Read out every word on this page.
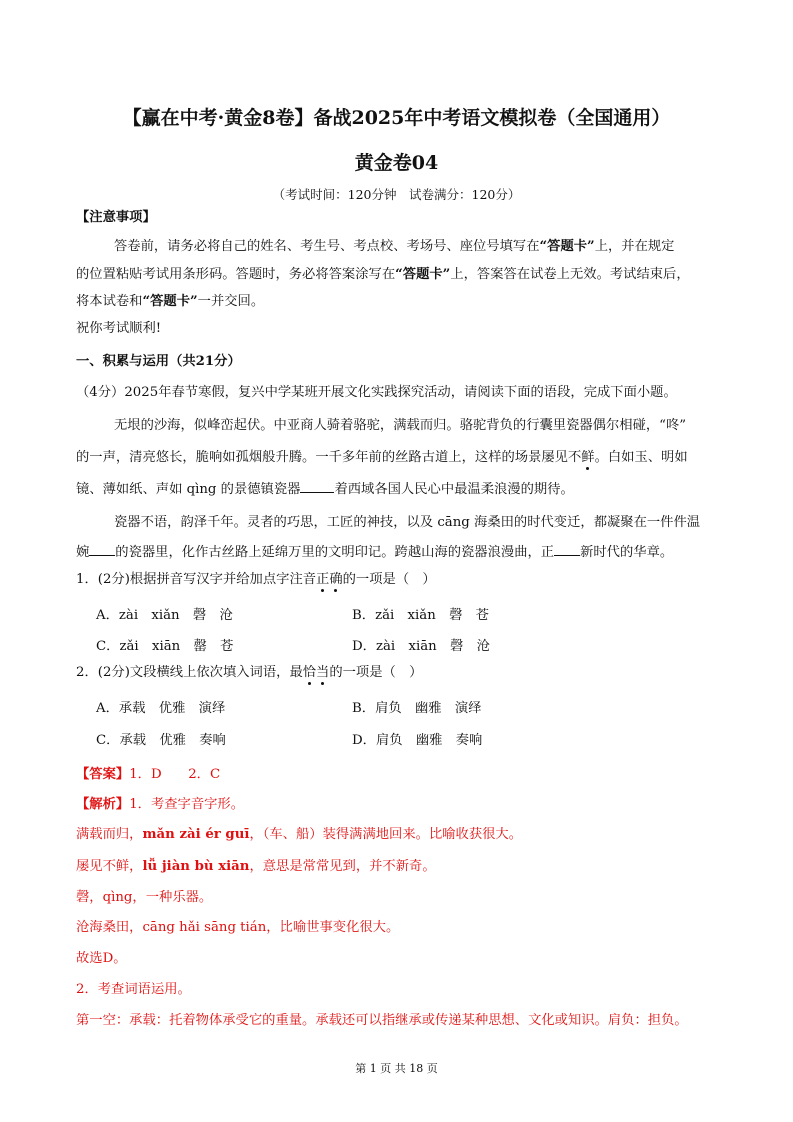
【赢在中考·黄金8卷】备战2025年中考语文模拟卷（全国通用）
黄金卷04
（考试时间：120分钟　试卷满分：120分）
【注意事项】
答卷前，请务必将自己的姓名、考生号、考点校、考场号、座位号填写在“答题卡”上，并在规定
的位置粘贴考试用条形码。答题时，务必将答案涂写在“答题卡”上，答案答在试卷上无效。考试结束后，
将本试卷和“答题卡”一并交回。
祝你考试顺利!
一、积累与运用（共21分）
（4分）2025年春节寒假，复兴中学某班开展文化实践探究活动，请阅读下面的语段，完成下面小题。
无垠的沙海，似峰峦起伏。中亚商人骑着骆驼，满载而归。骆驼背负的行囊里瓷器偶尔相碰，“咚”
的一声，清亮悠长，脆响如孤烟般升腾。一千多年前的丝路古道上，这样的场景屡见不鲜。白如玉、明如
镜、薄如纸、声如 qìng 的景德镇瓷器	着西域各国人民心中最温柔浪漫的期待。
瓷器不语，韵泽千年。灵者的巧思，工匠的神技，以及 cāng 海桑田的时代变迁，都凝聚在一件件温
婉 的瓷器里，化作古丝路上延绵万里的文明印记。跨越山海的瓷器浪漫曲，正 新时代的华章。
1．(2分)根据拼音写汉字并给加点字注音正确的一项是（　）
A．zài　xiǎn　磬　沧	B．zǎi　xiǎn　磬　苍
C．zǎi　xiān　罄　苍	D．zài　xiān　磬　沧
2．(2分)文段横线上依次填入词语，最恰当的一项是（　）
A．承载　优雅　演绎	B．肩负　幽雅　演绎
C．承载　优雅　奏响	D．肩负　幽雅　奏响
【答案】1．D　　2．C
【解析】1．考查字音字形。
满载而归，mǎn zài ér guī，（车、船）装得满满地回来。比喻收获很大。
屡见不鲜，lǚ jiàn bù xiān，意思是常常见到，并不新奇。
磬，qìng，一种乐器。
沧海桑田，cāng hǎi sāng tián，比喻世事变化很大。
故选D。
2．考查词语运用。
第一空：承载：托着物体承受它的重量。承载还可以指继承或传递某种思想、文化或知识。肩负：担负。
第 1 页 共 18 页
